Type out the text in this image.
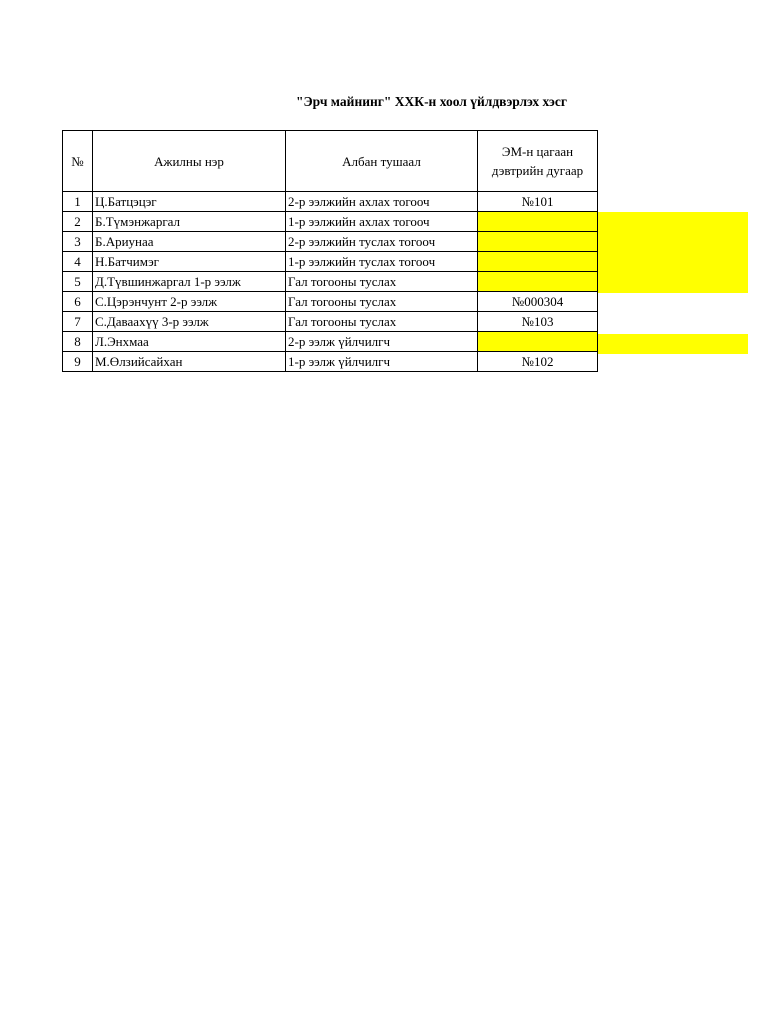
"Эрч майнинг" ХХК-н хоол үйлдвэрлэх хэсг
№	Ажилны нэр	Албан тушаал	ЭМ-н цагаан
дэвтрийн дугаар
1	Ц.Батцэцэг	2-р ээлжийн ахлах тогооч	№101
2	Б.Түмэнжаргал	1-р ээлжийн ахлах тогооч	
3	Б.Ариунаа	2-р ээлжийн туслах тогооч	
4	Н.Батчимэг	1-р ээлжийн туслах тогооч	
5	Д.Түвшинжаргал 1-р ээлж	Гал тогооны туслах	
6	С.Цэрэнчунт 2-р ээлж	Гал тогооны туслах	№000304
7	С.Даваахүү 3-р ээлж	Гал тогооны туслах	№103
8	Л.Энхмаа	2-р ээлж үйлчилгч	
9	М.Өлзийсайхан	1-р ээлж үйлчилгч	№102
